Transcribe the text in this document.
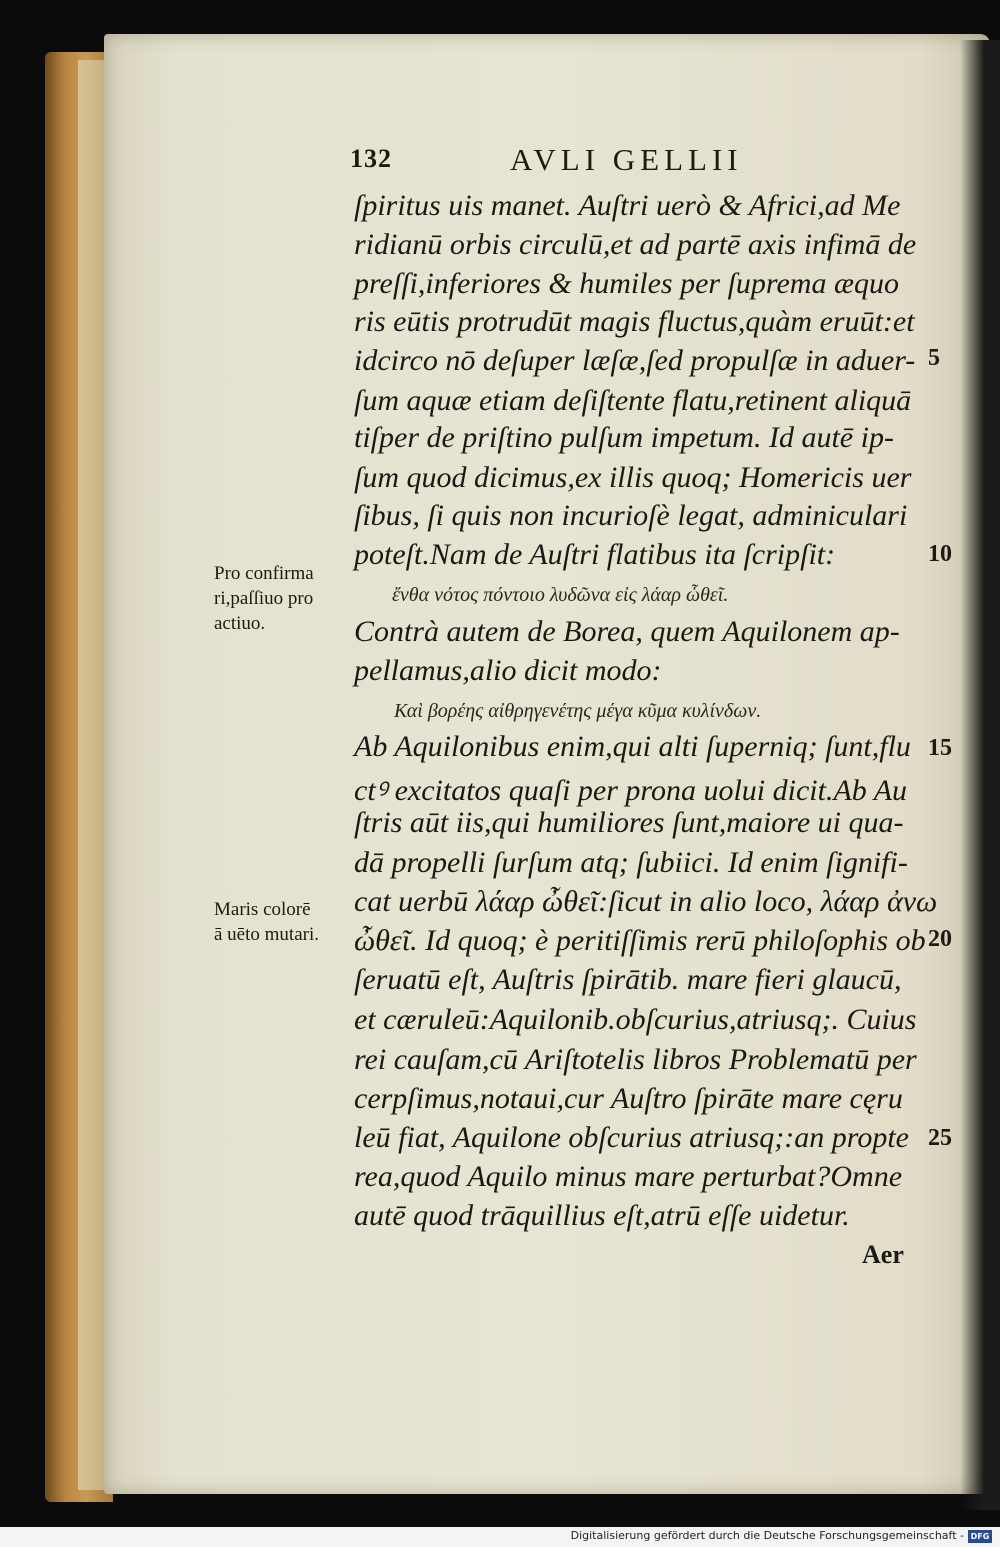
132	AVLI GELLII
ſpiritus uis manet. Auſtri uerò & Africi,ad Me
ridianū orbis circulū,et ad partē axis infimā de
preſſi,inferiores & humiles per ſuprema æquo
ris eūtis protrudūt magis fluctus,quàm eruūt:et
idcirco nō deſuper læſæ,ſed propulſæ in aduer-
ſum aquæ etiam deſiſtente flatu,retinent aliquā
tiſper de priſtino pulſum impetum. Id autē ip-
ſum quod dicimus,ex illis quoq; Homericis uer
ſibus, ſi quis non incurioſè legat, adminiculari
poteſt.Nam de Auſtri flatibus ita ſcripſit:
ἔνθα νότος πόντοιο λυδῶνα εἰς λάαρ ὦθεῖ.
Contrà autem de Borea, quem Aquilonem ap-
pellamus,alio dicit modo:
Καὶ βορέης αἰθρηγενέτης μέγα κῦμα κυλίνδων.
Ab Aquilonibus enim,qui alti ſuperniq; ſunt,flu
ctꝰ excitatos quaſi per prona uolui dicit.Ab Au
ſtris aūt iis,qui humiliores ſunt,maiore ui qua-
dā propelli ſurſum atq; ſubiici. Id enim ſignifi-
cat uerbū λάαρ ὦθεῖ:ſicut in alio loco, λάαρ ἀνω
ὦθεῖ. Id quoq; è peritiſſimis rerū philoſophis ob
ſeruatū eſt, Auſtris ſpirātib. mare fieri glaucū,
et cæruleū:Aquilonib.obſcurius,atriusq;. Cuius
rei cauſam,cū Ariſtotelis libros Problematū per
cerpſimus,notaui,cur Auſtro ſpirāte mare cęru
leū fiat, Aquilone obſcurius atriusq;:an propte
rea,quod Aquilo minus mare perturbat?Omne
autē quod trāquillius eſt,atrū eſſe uidetur.
Pro confirma
ri,paſſiuo pro
actiuo.
Maris colorē
ā uēto mutari.
5
10
15
20
25
Aer
Digitalisierung gefördert durch die Deutsche Forschungsgemeinschaft - DFG
